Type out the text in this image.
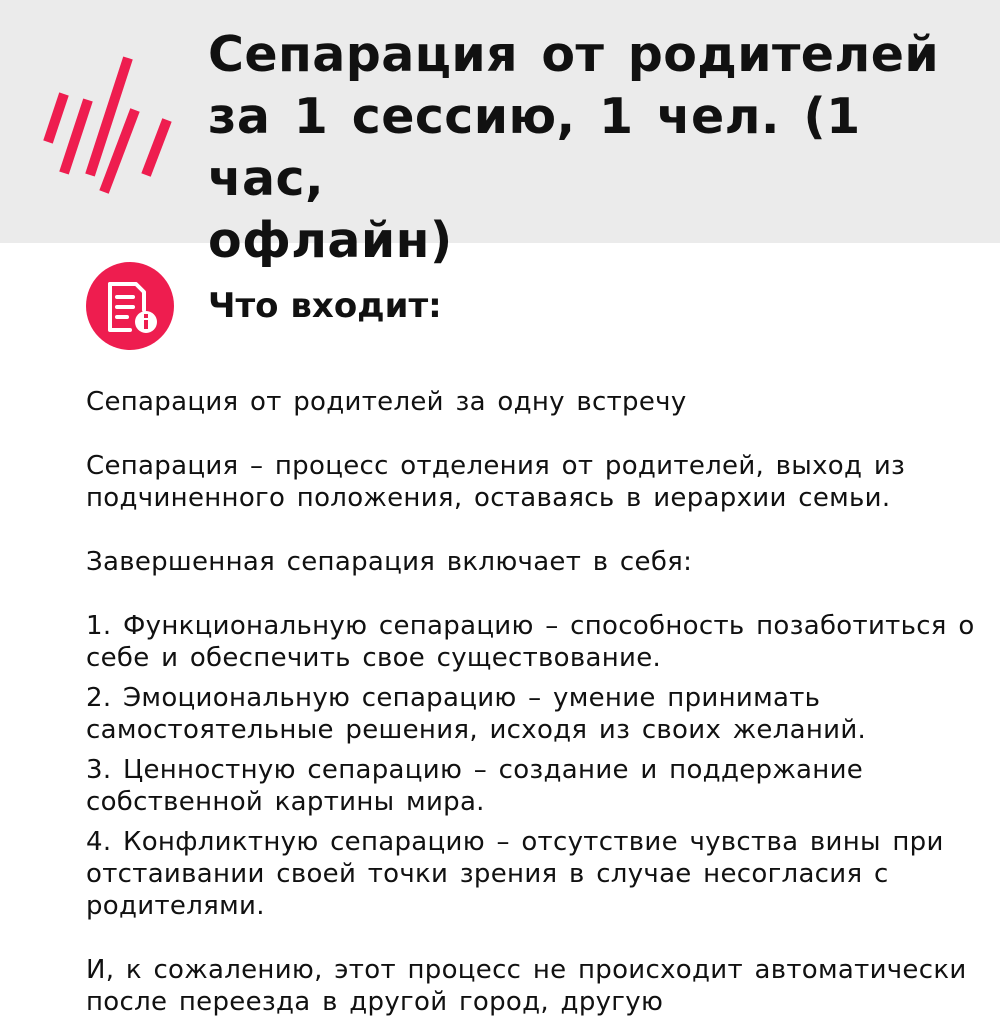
Сепарация от родителей
за 1 сессию, 1 чел. (1 час,
офлайн)
Что входит:

Сепарация от родителей за одну встречу

Сепарация – процесс отделения от родителей, выход из подчиненного положения, оставаясь в иерархии семьи.

Завершенная сепарация включает в себя:

1. Функциональную сепарацию – способность позаботиться о себе и обеспечить свое существование.

2. Эмоциональную сепарацию – умение принимать самостоятельные решения, исходя из своих желаний.

3. Ценностную сепарацию – создание и поддержание собственной картины мира.

4. Конфликтную сепарацию – отсутствие чувства вины при отстаивании своей точки зрения в случае несогласия с родителями.

И, к сожалению, этот процесс не происходит автоматически после переезда в другой город, другую
